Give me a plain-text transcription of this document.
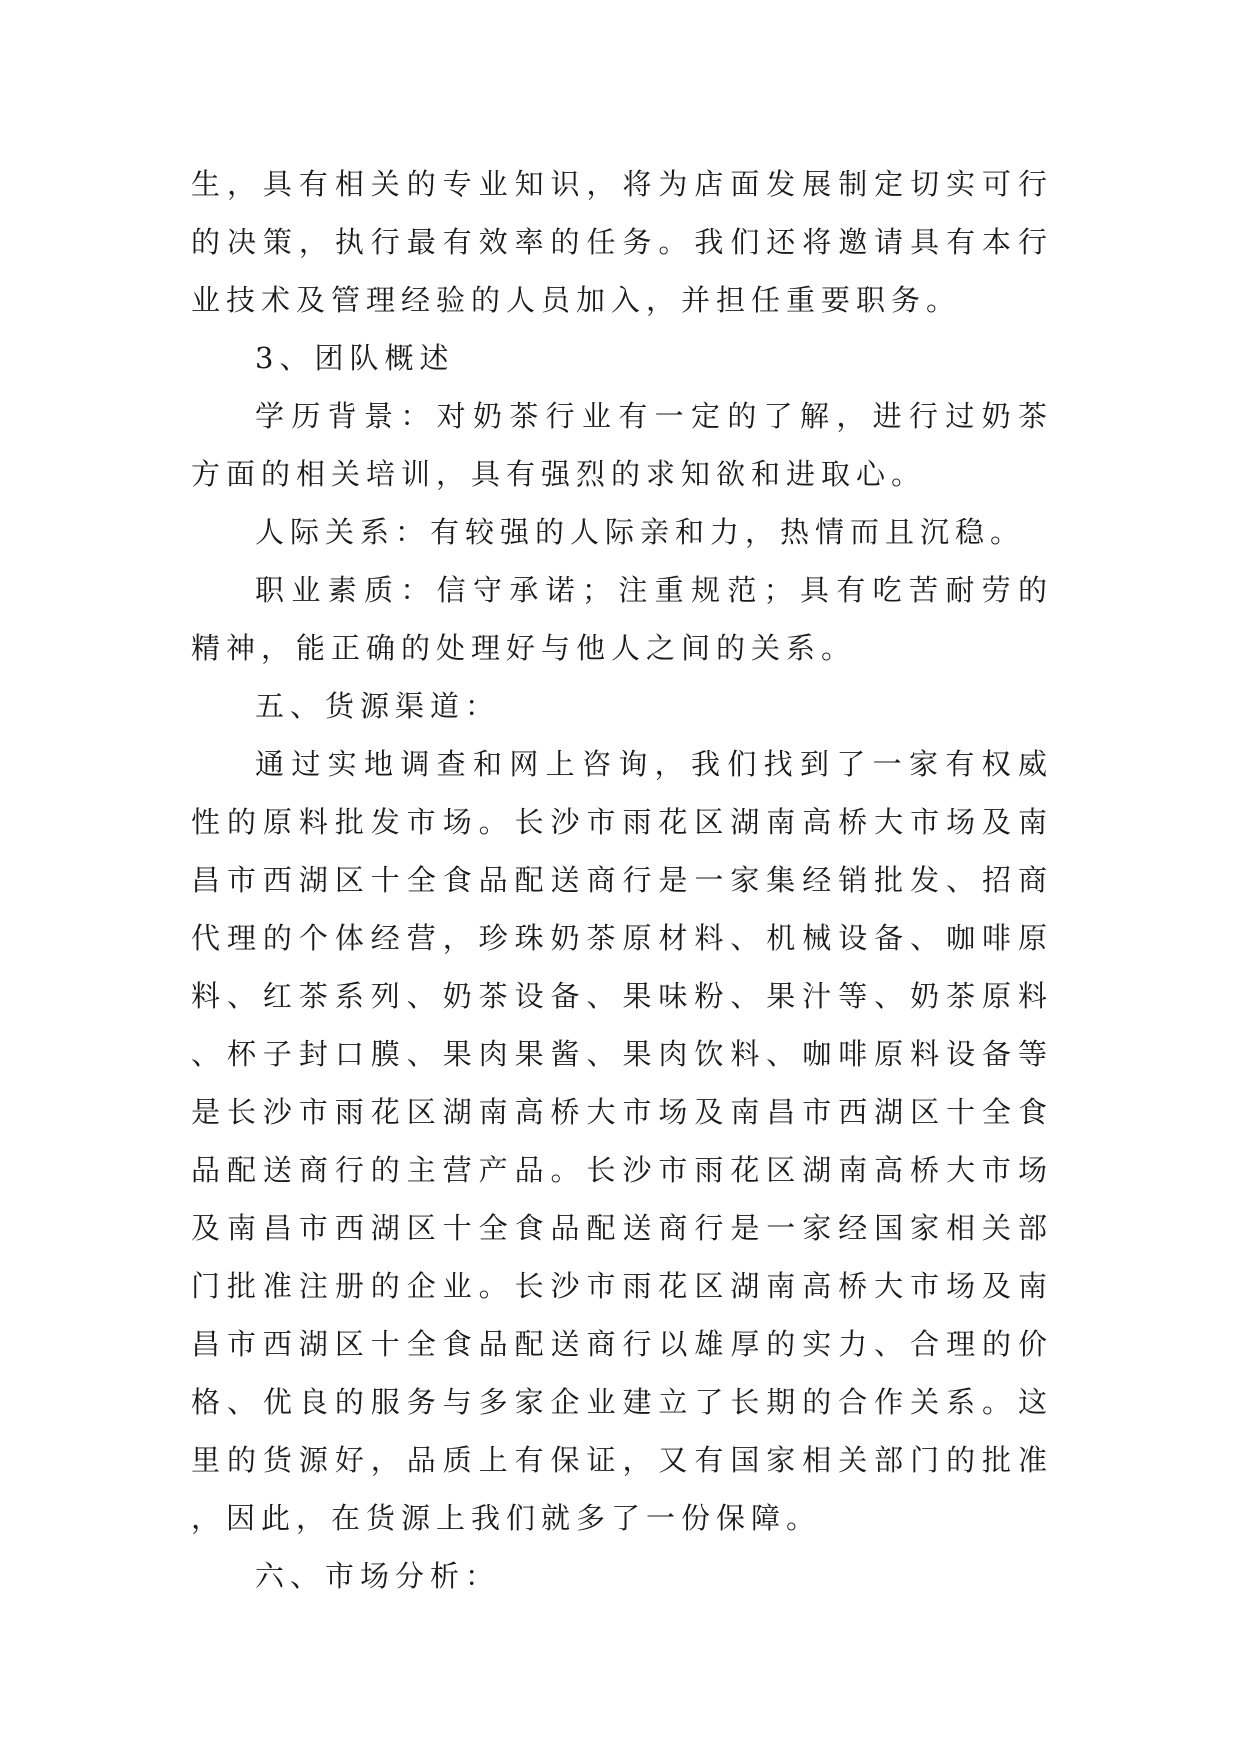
生，具有相关的专业知识，将为店面发展制定切实可行的决策，执行最有效率的任务。我们还将邀请具有本行业技术及管理经验的人员加入，并担任重要职务。

3、团队概述

学历背景：对奶茶行业有一定的了解，进行过奶茶方面的相关培训，具有强烈的求知欲和进取心。

人际关系：有较强的人际亲和力，热情而且沉稳。

职业素质：信守承诺；注重规范；具有吃苦耐劳的精神，能正确的处理好与他人之间的关系。

五、货源渠道：

通过实地调查和网上咨询，我们找到了一家有权威性的原料批发市场。长沙市雨花区湖南高桥大市场及南昌市西湖区十全食品配送商行是一家集经销批发、招商代理的个体经营，珍珠奶茶原材料、机械设备、咖啡原料、红茶系列、奶茶设备、果味粉、果汁等、奶茶原料、杯子封口膜、果肉果酱、果肉饮料、咖啡原料设备等是长沙市雨花区湖南高桥大市场及南昌市西湖区十全食品配送商行的主营产品。长沙市雨花区湖南高桥大市场及南昌市西湖区十全食品配送商行是一家经国家相关部门批准注册的企业。长沙市雨花区湖南高桥大市场及南昌市西湖区十全食品配送商行以雄厚的实力、合理的价格、优良的服务与多家企业建立了长期的合作关系。这里的货源好，品质上有保证，又有国家相关部门的批准，因此，在货源上我们就多了一份保障。

六、市场分析：
